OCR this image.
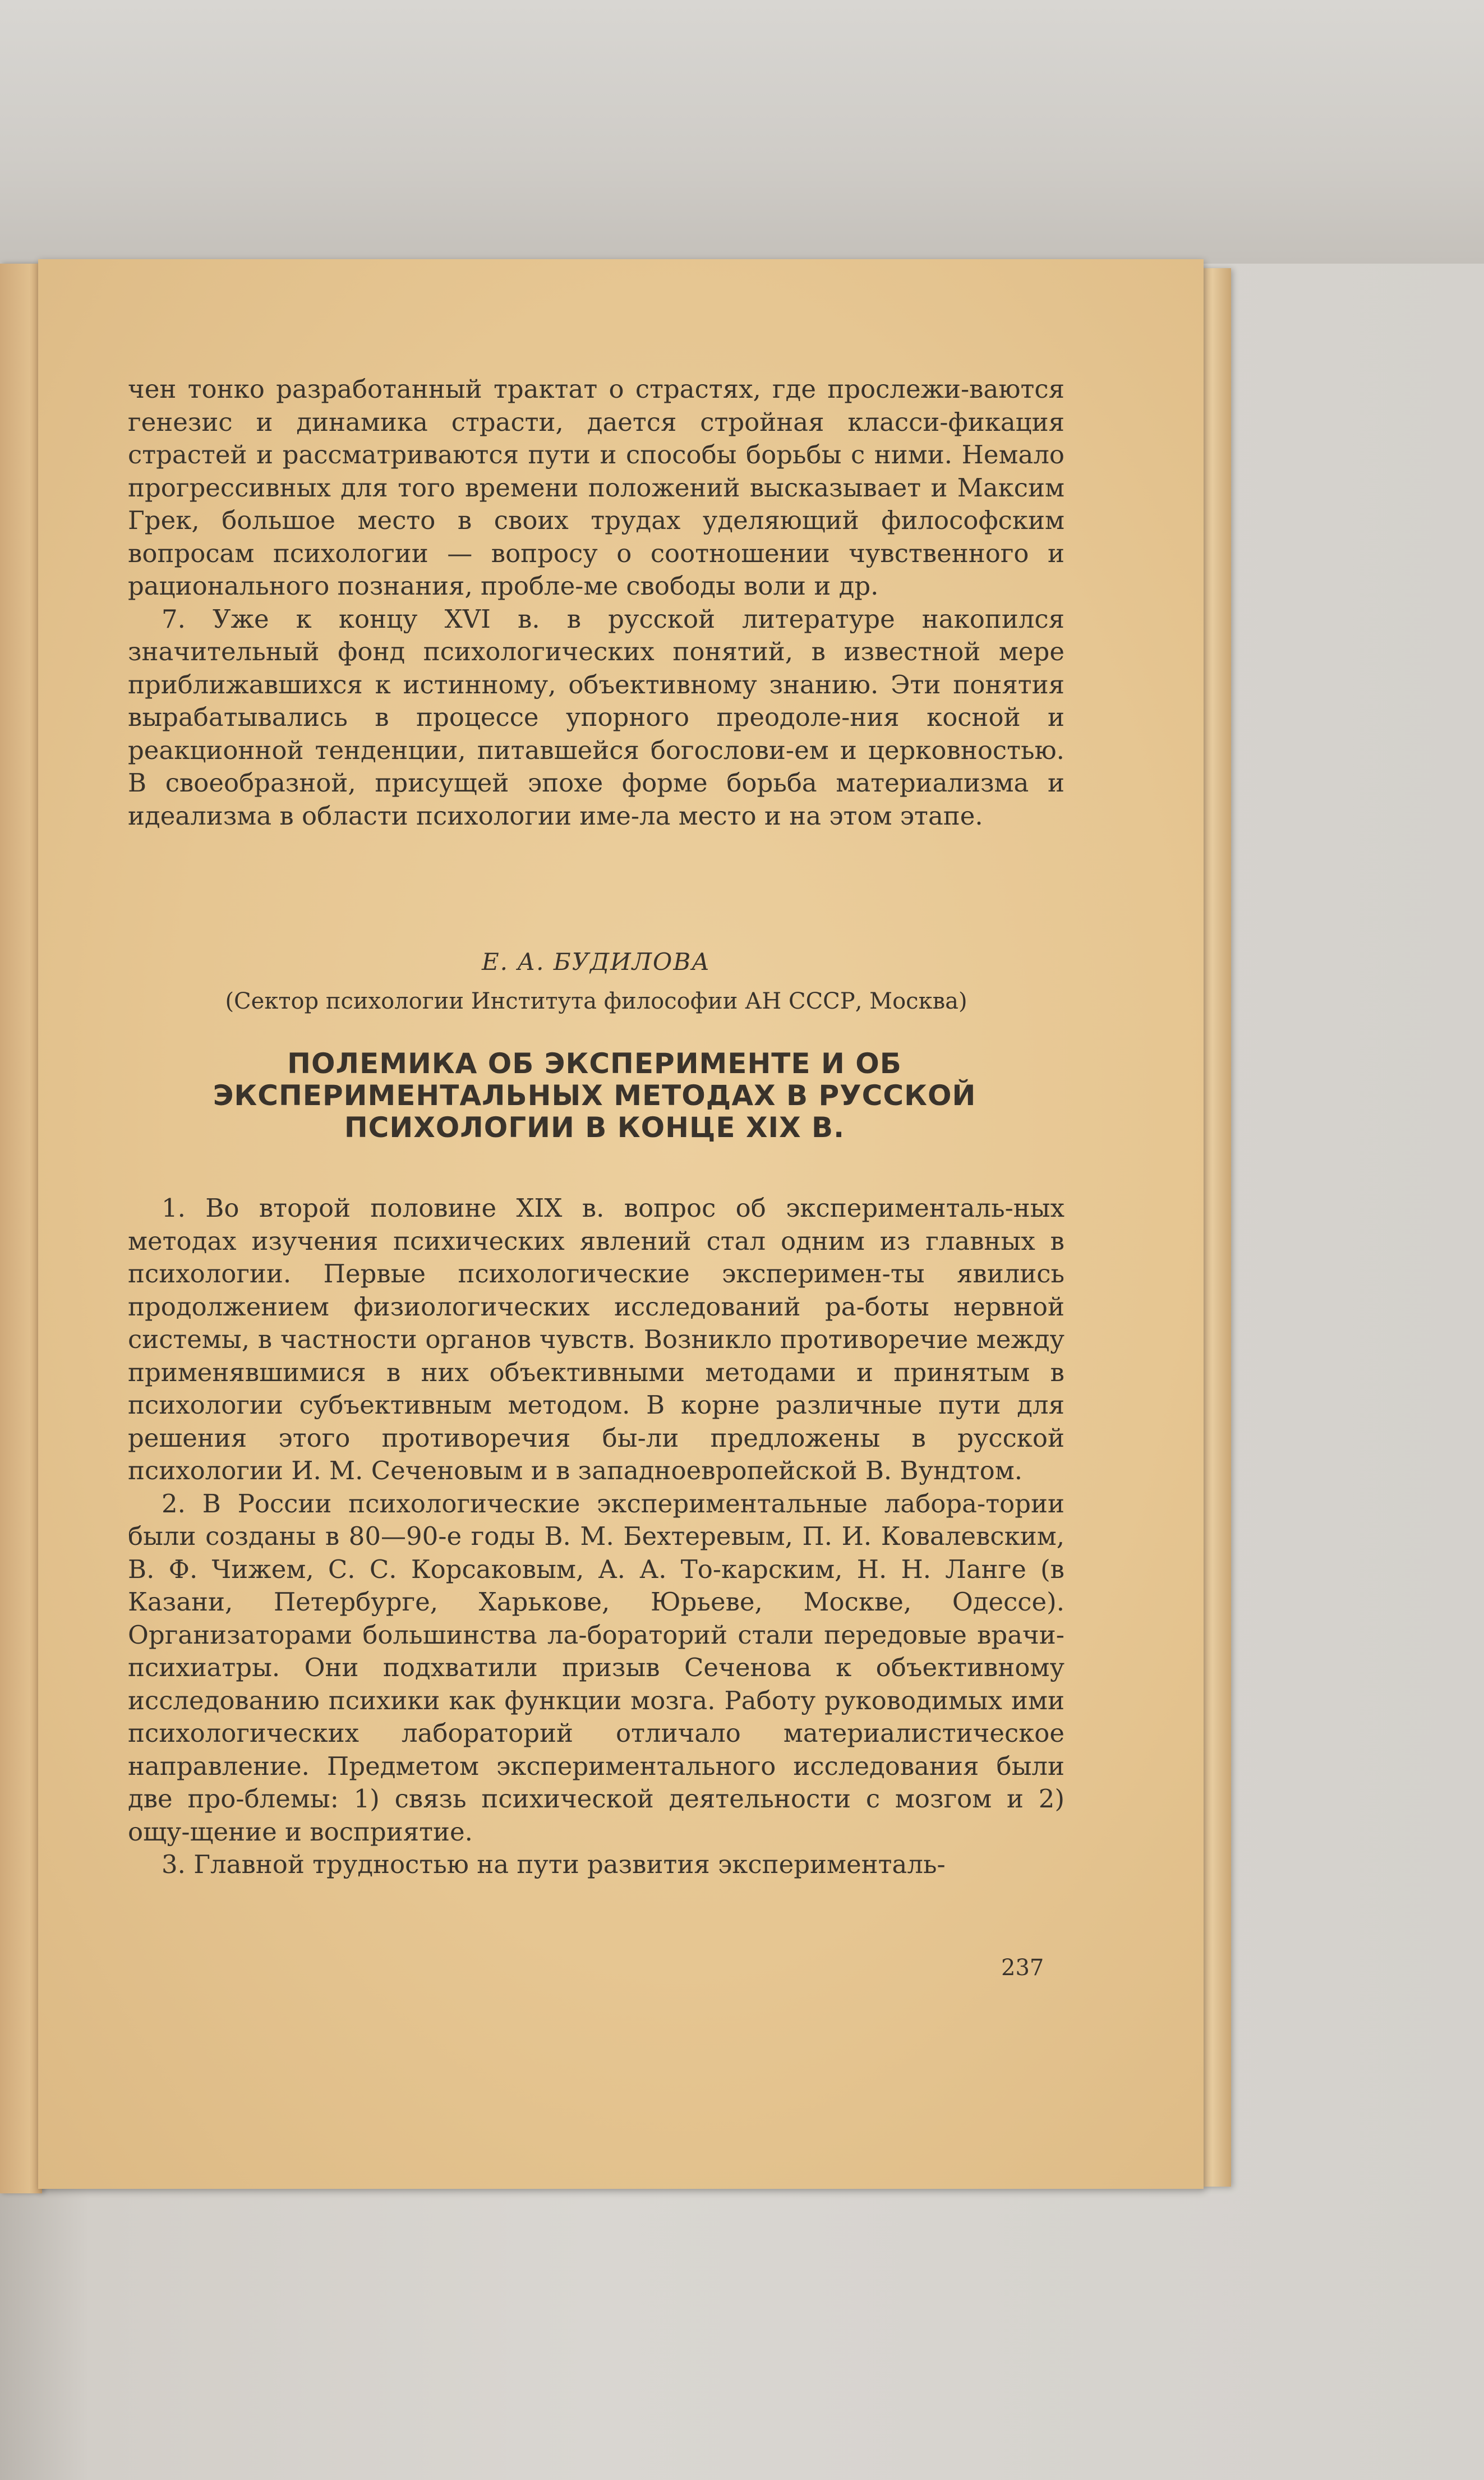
чен тонко разработанный трактат о страстях, где прослежи-ваются генезис и динамика страсти, дается стройная класси-фикация страстей и рассматриваются пути и способы борьбы с ними. Немало прогрессивных для того времени положений высказывает и Максим Грек, большое место в своих трудах уделяющий философским вопросам психологии — вопросу о соотношении чувственного и рационального познания, пробле-ме свободы воли и др.

7. Уже к концу XVI в. в русской литературе накопился значительный фонд психологических понятий, в известной мере приближавшихся к истинному, объективному знанию. Эти понятия вырабатывались в процессе упорного преодоле-ния косной и реакционной тенденции, питавшейся богослови-ем и церковностью. В своеобразной, присущей эпохе форме борьба материализма и идеализма в области психологии име-ла место и на этом этапе.

Е. А. БУДИЛОВА
(Сектор психологии Института философии АН СССР, Москва)
ПОЛЕМИКА ОБ ЭКСПЕРИМЕНТЕ И ОБ
ЭКСПЕРИМЕНТАЛЬНЫХ МЕТОДАХ В РУССКОЙ
ПСИХОЛОГИИ В КОНЦЕ XIX В.

1. Во второй половине XIX в. вопрос об эксперименталь-ных методах изучения психических явлений стал одним из главных в психологии. Первые психологические эксперимен-ты явились продолжением физиологических исследований ра-боты нервной системы, в частности органов чувств. Возникло противоречие между применявшимися в них объективными методами и принятым в психологии субъективным методом. В корне различные пути для решения этого противоречия бы-ли предложены в русской психологии И. М. Сеченовым и в западноевропейской В. Вундтом.

2. В России психологические экспериментальные лабора-тории были созданы в 80—90-е годы В. М. Бехтеревым, П. И. Ковалевским, В. Ф. Чижем, С. С. Корсаковым, А. А. То-карским, Н. Н. Ланге (в Казани, Петербурге, Харькове, Юрьеве, Москве, Одессе). Организаторами большинства ла-бораторий стали передовые врачи-психиатры. Они подхватили призыв Сеченова к объективному исследованию психики как функции мозга. Работу руководимых ими психологических лабораторий отличало материалистическое направление. Предметом экспериментального исследования были две про-блемы: 1) связь психической деятельности с мозгом и 2) ощу-щение и восприятие.

3. Главной трудностью на пути развития эксперименталь-

237
